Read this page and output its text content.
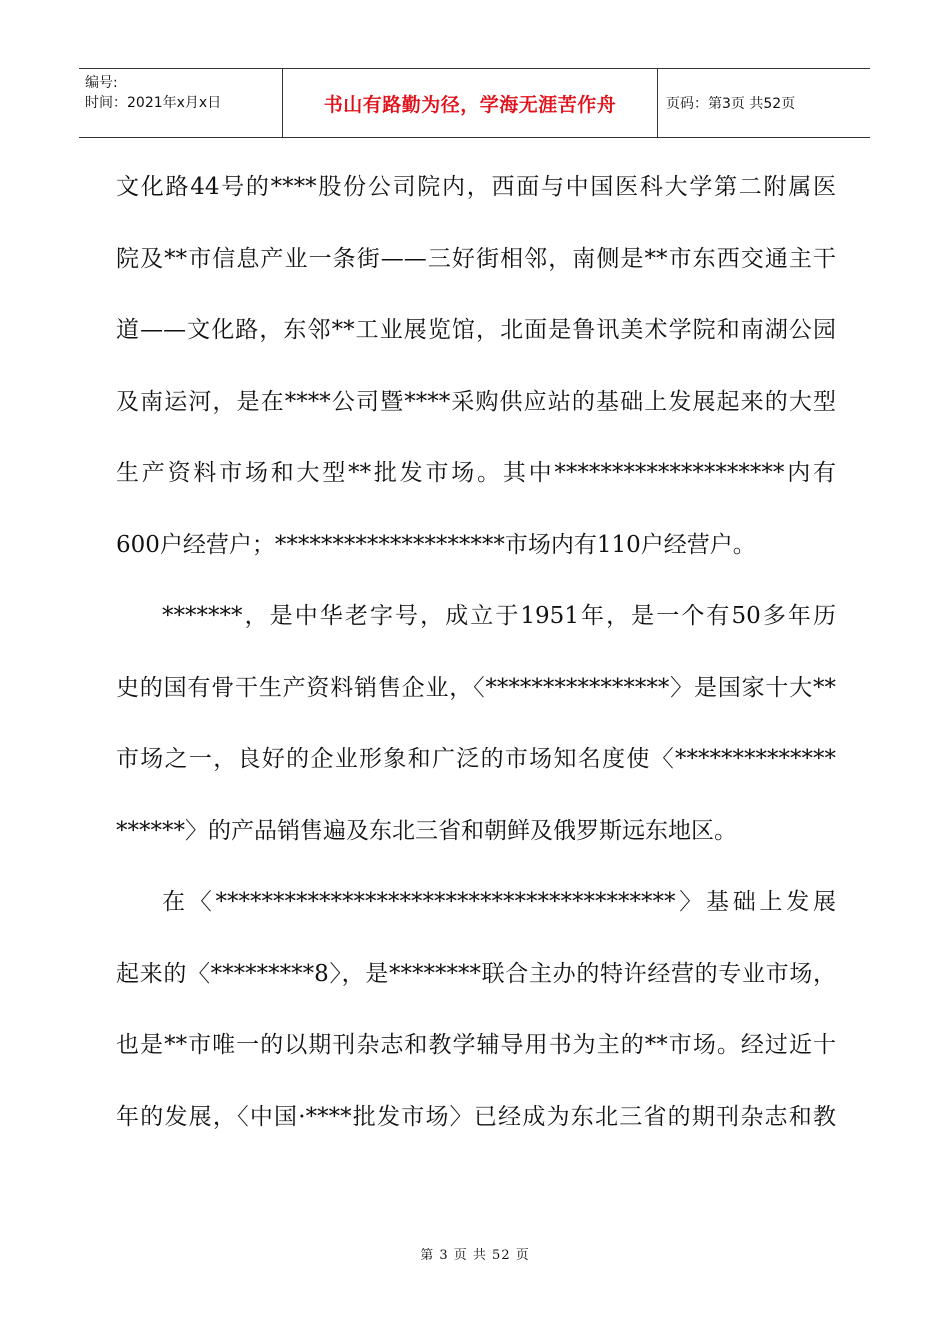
编号:
时间：2021年x月x日	书山有路勤为径，学海无涯苦作舟	页码：第3页 共52页
文化路44号的****股份公司院内，西面与中国医科大学第二附属医
院及**市信息产业一条街——三好街相邻，南侧是**市东西交通主干
道——文化路，东邻**工业展览馆，北面是鲁讯美术学院和南湖公园
及南运河，是在****公司暨****采购供应站的基础上发展起来的大型
生产资料市场和大型**批发市场。其中********************内有
600户经营户；********************市场内有110户经营户。
*******，是中华老字号，成立于1951年，是一个有50多年历
史的国有骨干生产资料销售企业，〈****************〉是国家十大**
市场之一，良好的企业形象和广泛的市场知名度使〈**************
******〉的产品销售遍及东北三省和朝鲜及俄罗斯远东地区。
在〈****************************************〉基础上发展
起来的〈*********8〉，是********联合主办的特许经营的专业市场，
也是**市唯一的以期刊杂志和教学辅导用书为主的**市场。经过近十
年的发展，〈中国·****批发市场〉已经成为东北三省的期刊杂志和教
第 3 页 共 52 页
